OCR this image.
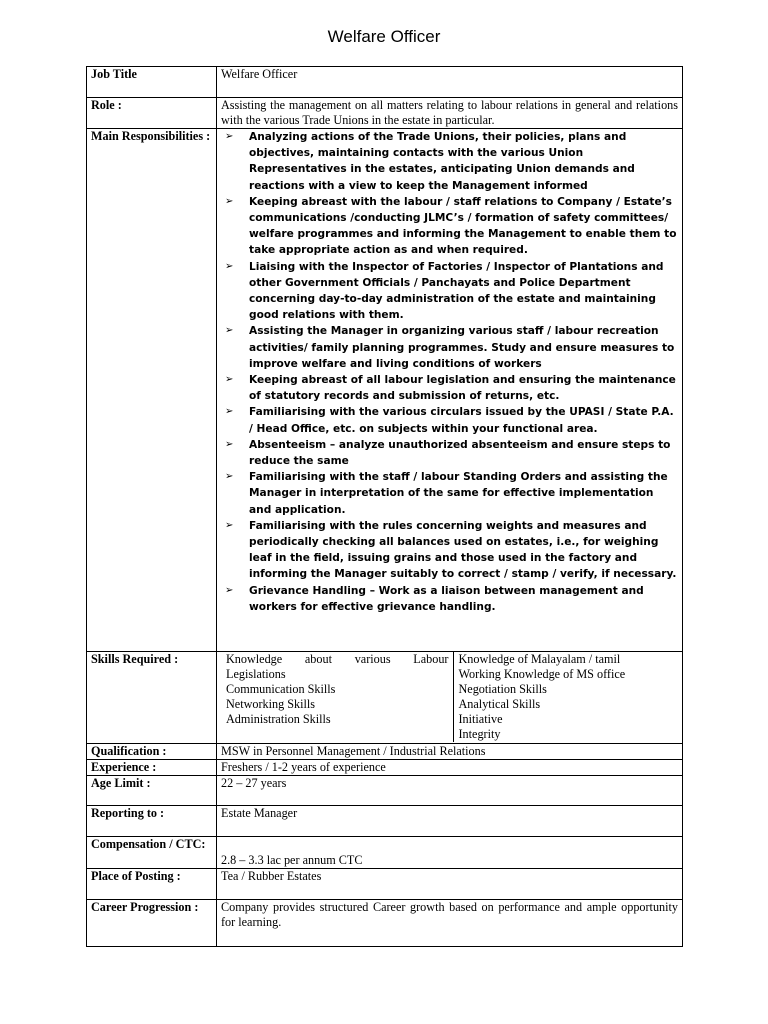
Welfare Officer
Job Title	Welfare Officer
Role :	Assisting the management on all matters relating to labour relations in general and relations with the various Trade Unions in the estate in particular.
Main Responsibilities :	➢ Analyzing actions of the Trade Unions, their policies, plans and objectives, maintaining contacts with the various Union Representatives in the estates, anticipating Union demands and reactions with a view to keep the Management informed
➢ Keeping abreast with the labour / staff relations to Company / Estate’s communications /conducting JLMC’s / formation of safety committees/ welfare programmes and informing the Management to enable them to take appropriate action as and when required.
➢ Liaising with the Inspector of Factories / Inspector of Plantations and other Government Officials / Panchayats and Police Department concerning day-to-day administration of the estate and maintaining good relations with them.
➢ Assisting the Manager in organizing various staff / labour recreation activities/ family planning programmes. Study and ensure measures to improve welfare and living conditions of workers
➢ Keeping abreast of all labour legislation and ensuring the maintenance of statutory records and submission of returns, etc.
➢ Familiarising with the various circulars issued by the UPASI / State P.A. / Head Office, etc. on subjects within your functional area.
➢ Absenteeism – analyze unauthorized absenteeism and ensure steps to reduce the same
➢ Familiarising with the staff / labour Standing Orders and assisting the Manager in interpretation of the same for effective implementation and application.
➢ Familiarising with the rules concerning weights and measures and periodically checking all balances used on estates, i.e., for weighing leaf in the field, issuing grains and those used in the factory and informing the Manager suitably to correct / stamp / verify, if necessary.
➢ Grievance Handling – Work as a liaison between management and workers for effective grievance handling.

Skills Required :		Knowledge about various Labour Legislations
Communication Skills
Networking Skills
Administration Skills

Knowledge of Malayalam / tamil
Working Knowledge of MS office
Negotiation Skills
Analytical Skills
Initiative
Integrity

Qualification :	MSW in Personnel Management / Industrial Relations
Experience :	Freshers / 1-2 years of experience
Age Limit :	22 – 27 years
Reporting to :	Estate Manager
Compensation / CTC:	
2.8 – 3.3 lac per annum CTC

Place of Posting :	Tea / Rubber Estates
Career Progression :	Company provides structured Career growth based on performance and ample opportunity for learning.
